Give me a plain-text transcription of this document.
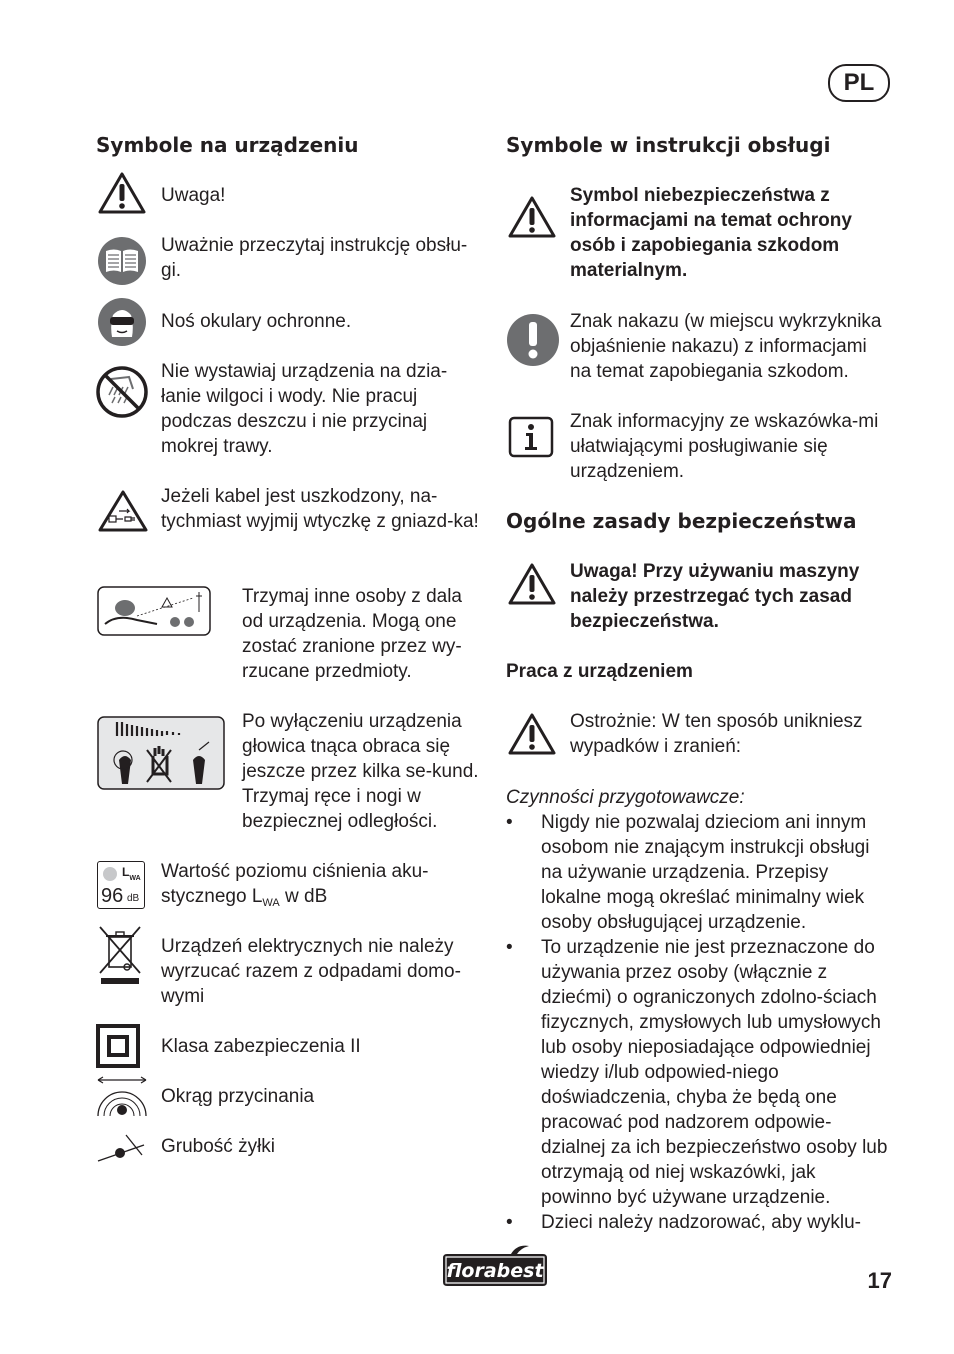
PL
Symbole na urządzeniu

Uwaga!

Uważnie przeczytaj instrukcję obsłu-gi.

Noś okulary ochronne.

Nie wystawiaj urządzenia na dzia-łanie wilgoci i wody. Nie pracuj podczas deszczu i nie przycinaj mokrej trawy.

Jeżeli kabel jest uszkodzony, na-tychmiast wyjmij wtyczkę z gniazd-ka!

Trzymaj inne osoby z dala od urządzenia. Mogą one zostać zranione przez wy-rzucane przedmioty.

Po wyłączeniu urządzenia głowica tnąca obraca się jeszcze przez kilka se-kund. Trzymaj ręce i nogi w bezpiecznej odległości.

$L_{WA}$
96 dB

Wartość poziomu ciśnienia aku-stycznego $L_{WA}$ w dB

Urządzeń elektrycznych nie należy wyrzucać razem z odpadami domo-wymi

Klasa zabezpieczenia II

Okrąg przycinania

Grubość żyłki

Symbole w instrukcji obsługi

Symbol niebezpieczeństwa z informacjami na temat ochrony osób i zapobiegania szkodom materialnym.

Znak nakazu (w miejscu wykrzyknika objaśnienie nakazu) z informacjami na temat zapobiegania szkodom.

Znak informacyjny ze wskazówka-mi ułatwiającymi posługiwanie się urządzeniem.

Ogólne zasady bezpieczeństwa

Uwaga! Przy używaniu maszyny należy przestrzegać tych zasad bezpieczeństwa.

Praca z urządzeniem

Ostrożnie: W ten sposób unikniesz wypadków i zranień:

Czynności przygotowawcze:

• Nigdy nie pozwalaj dzieciom ani innym osobom nie znającym instrukcji obsługi na używanie urządzenia. Przepisy lokalne mogą określać minimalny wiek osoby obsługującej urządzenie.
• To urządzenie nie jest przeznaczone do używania przez osoby (włącznie z dziećmi) o ograniczonych zdolno-ściach fizycznych, zmysłowych lub umysłowych lub osoby nieposiadające odpowiedniej wiedzy i/lub odpowied-niego doświadczenia, chyba że będą one pracować pod nadzorem odpowie-dzialnej za ich bezpieczeństwo osoby lub otrzymają od niej wskazówki, jak powinno być używane urządzenie.
• Dzieci należy nadzorować, aby wyklu-
florabest	17
